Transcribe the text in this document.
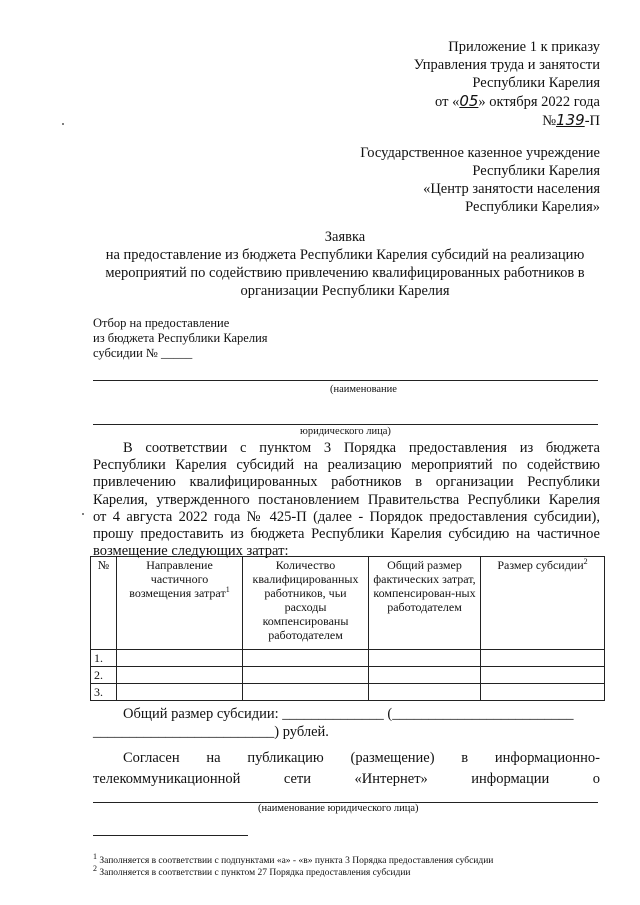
Приложение 1 к приказу
Управления труда и занятости
Республики Карелия
от «05» октября 2022 года
№139-П
Государственное казенное учреждение
Республики Карелия
«Центр занятости населения
Республики Карелия»
Заявка
на предоставление из бюджета Республики Карелия субсидий на реализацию
мероприятий по содействию привлечению квалифицированных работников в
организации Республики Карелия
Отбор на предоставление
из бюджета Республики Карелия
субсидии № _____
(наименование
юридического лица)
В соответствии с пунктом 3 Порядка предоставления из бюджета
Республики Карелия субсидий на реализацию мероприятий по содействию
привлечению квалифицированных работников в организации Республики
Карелия, утвержденного постановлением Правительства Республики Карелия
от 4 августа 2022 года № 425-П (далее - Порядок предоставления субсидии),
прошу предоставить из бюджета Республики Карелия субсидию на частичное
возмещение следующих затрат:
№	Направление частичного возмещения затрат$^1$	Количество квалифицированных работников, чьи расходы компенсированы работодателем	Общий размер фактических затрат, компенсирован-ных работодателем	Размер субсидии$^2$
1.				
2.				
3.				
Общий размер субсидии: ______________ (_________________________
_________________________) рублей.
Согласен на публикацию (размещение) в информационно-
телекоммуникационной сети «Интернет» информации о
(наименование юридического лица)
$^1$ Заполняется в соответствии с подпунктами «а» - «в» пункта 3 Порядка предоставления субсидии
$^2$ Заполняется в соответствии с пунктом 27 Порядка предоставления субсидии
